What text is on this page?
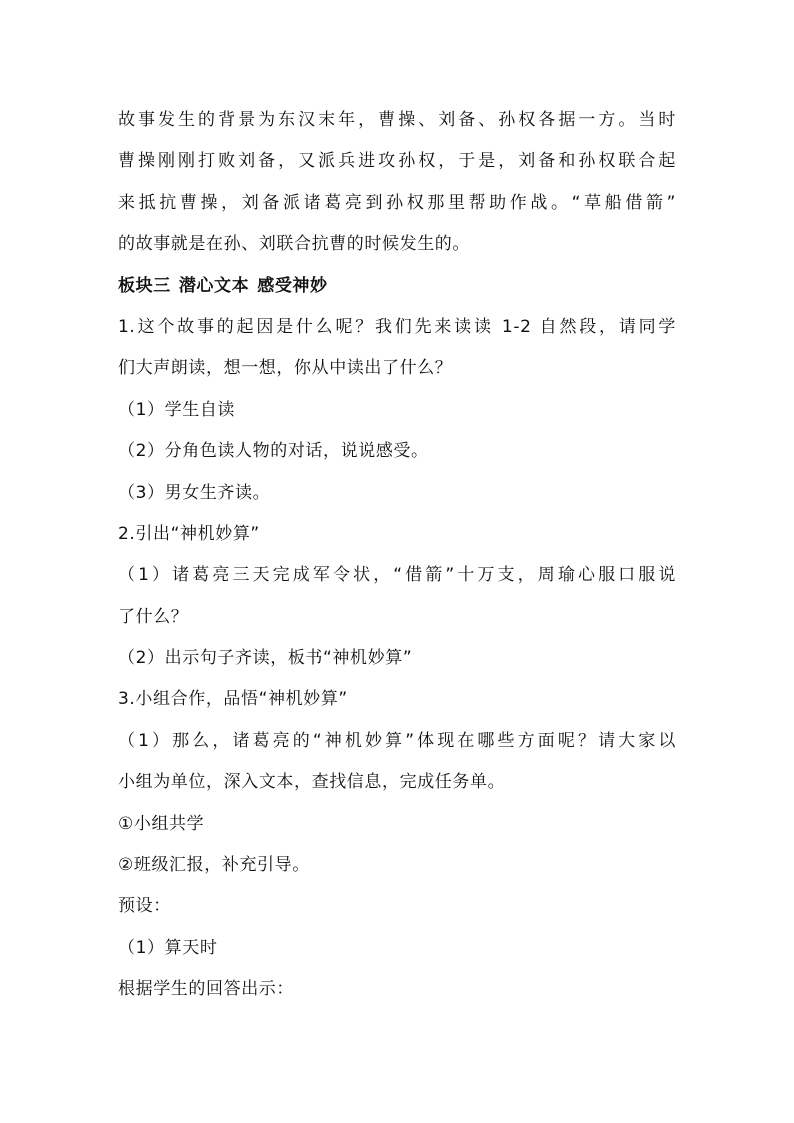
故事发生的背景为东汉末年，曹操、刘备、孙权各据一方。当时
曹操刚刚打败刘备，又派兵进攻孙权，于是，刘备和孙权联合起
来抵抗曹操，刘备派诸葛亮到孙权那里帮助作战。“草船借箭”
的故事就是在孙、刘联合抗曹的时候发生的。
板块三 潜心文本 感受神妙
1.这个故事的起因是什么呢？我们先来读读 1-2 自然段，请同学
们大声朗读，想一想，你从中读出了什么？
（1）学生自读
（2）分角色读人物的对话，说说感受。
（3）男女生齐读。
2.引出“神机妙算”
（1）诸葛亮三天完成军令状，“借箭”十万支，周瑜心服口服说
了什么？
（2）出示句子齐读，板书“神机妙算”
3.小组合作，品悟“神机妙算”
（1）那么，诸葛亮的“神机妙算”体现在哪些方面呢？请大家以
小组为单位，深入文本，查找信息，完成任务单。
①小组共学
②班级汇报，补充引导。
预设：
（1）算天时
根据学生的回答出示：
